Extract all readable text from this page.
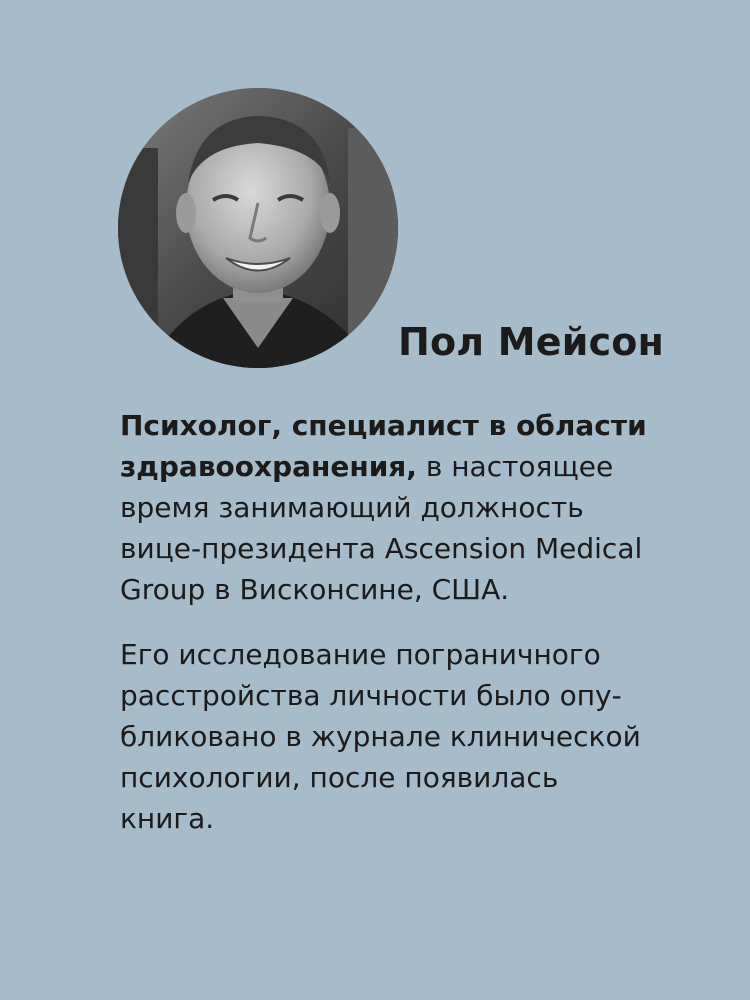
Пол Мейсон

Психолог, специалист в области
здравоохранения, в настоящее
время занимающий должность
вице-президента Ascension Medical
Group в Висконсине, США.

Его исследование пограничного
расстройства личности было опу-
бликовано в журнале клинической
психологии, после появилась
книга.
